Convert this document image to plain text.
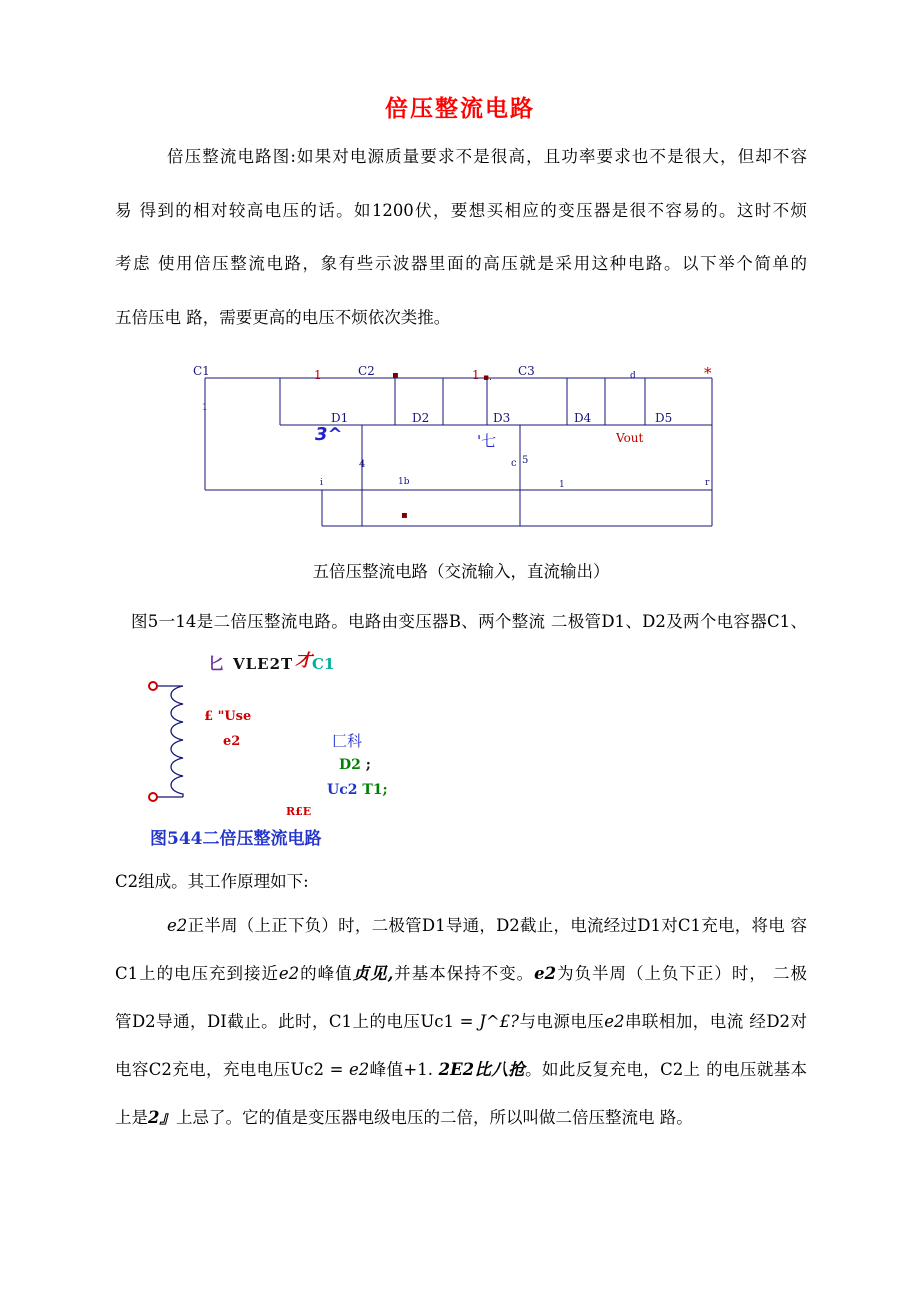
倍压整流电路
倍压整流电路图:如果对电源质量要求不是很高，且功率要求也不是很大，但却不容
易 得到的相对较高电压的话。如1200伏，要想买相应的变压器是很不容易的。这时不烦
考虑 使用倍压整流电路，象有些示波器里面的高压就是采用这种电路。以下举个简单的
五倍压电 路，需要更高的电压不烦依次类推。
C1	C2	C3
1	▪	1 ▪.	d	*
1
D1	D2	D3	D4	D5
Vout
3^	'七
4	5
c
i	1b	1	r
▪
五倍压整流电路（交流输入，直流输出）
图5一14是二倍压整流电路。电路由变压器B、两个整流 二极管D1、D2及两个电容器C1、
匕 VLE2T 才 C1
£ "Use
e2	匚科
D2 ;
Uc2 T1;
R£E
图544二倍压整流电路
C2组成。其工作原理如下:
e2正半周（上正下负）时，二极管D1导通，D2截止，电流经过D1对C1充电，将电 容
C1上的电压充到接近e2的峰值贞见,并基本保持不变。e2为负半周（上负下正）时， 二极
管D2导通，DI截止。此时，C1上的电压Uc1 = J^£?与电源电压e2串联相加，电流 经D2对
电容C2充电，充电电压Uc2 = e2峰值+1. 2E2比八抢。如此反复充电，C2上 的电压就基本
上是2』上忌了。它的值是变压器电级电压的二倍，所以叫做二倍压整流电 路。
